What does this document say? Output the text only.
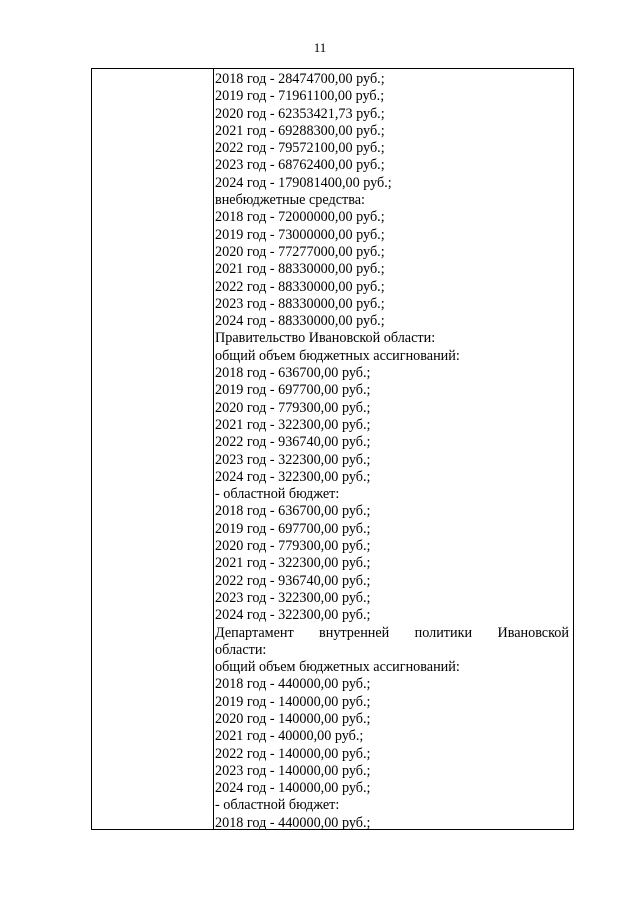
11
2018 год - 28474700,00 руб.;
2019 год - 71961100,00 руб.;
2020 год - 62353421,73 руб.;
2021 год - 69288300,00 руб.;
2022 год - 79572100,00 руб.;
2023 год - 68762400,00 руб.;
2024 год - 179081400,00 руб.;
внебюджетные средства:
2018 год - 72000000,00 руб.;
2019 год - 73000000,00 руб.;
2020 год - 77277000,00 руб.;
2021 год - 88330000,00 руб.;
2022 год - 88330000,00 руб.;
2023 год - 88330000,00 руб.;
2024 год - 88330000,00 руб.;
Правительство Ивановской области:
общий объем бюджетных ассигнований:
2018 год - 636700,00 руб.;
2019 год - 697700,00 руб.;
2020 год - 779300,00 руб.;
2021 год - 322300,00 руб.;
2022 год - 936740,00 руб.;
2023 год - 322300,00 руб.;
2024 год - 322300,00 руб.;
- областной бюджет:
2018 год - 636700,00 руб.;
2019 год - 697700,00 руб.;
2020 год - 779300,00 руб.;
2021 год - 322300,00 руб.;
2022 год - 936740,00 руб.;
2023 год - 322300,00 руб.;
2024 год - 322300,00 руб.;
Департамент внутренней политики Ивановской
области:
общий объем бюджетных ассигнований:
2018 год - 440000,00 руб.;
2019 год - 140000,00 руб.;
2020 год - 140000,00 руб.;
2021 год - 40000,00 руб.;
2022 год - 140000,00 руб.;
2023 год - 140000,00 руб.;
2024 год - 140000,00 руб.;
- областной бюджет:
2018 год - 440000,00 руб.;
